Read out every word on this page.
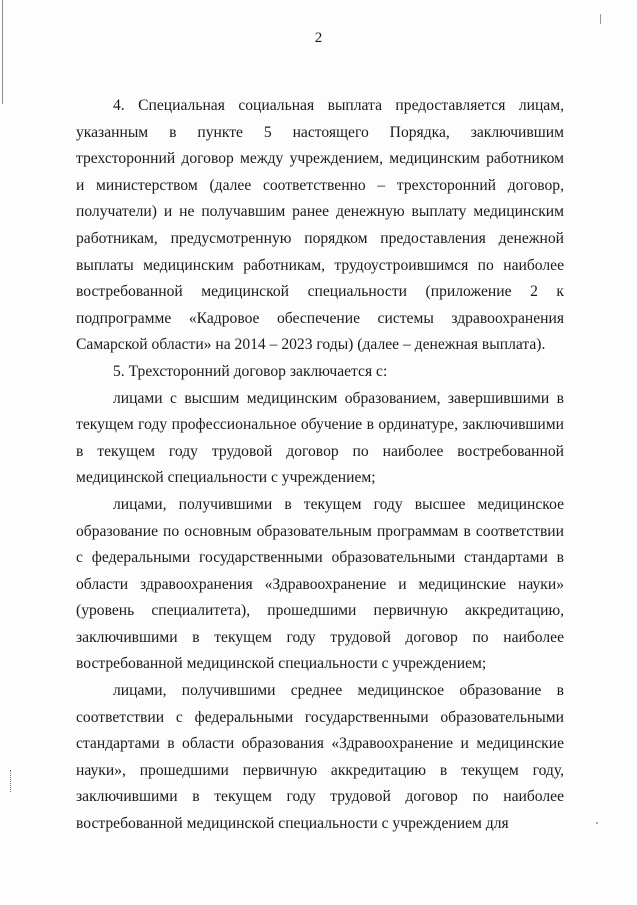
2

4. Специальная социальная выплата предоставляется лицам, указанным в пункте 5 настоящего Порядка, заключившим трехсторонний договор между учреждением, медицинским работником и министерством (далее соответственно – трехсторонний договор, получатели) и не получавшим ранее денежную выплату медицинским работникам, предусмотренную порядком предоставления денежной выплаты медицинским работникам, трудоустроившимся по наиболее востребованной медицинской специальности (приложение 2 к подпрограмме «Кадровое обеспечение системы здравоохранения Самарской области» на 2014 – 2023 годы) (далее – денежная выплата).

5. Трехсторонний договор заключается с:

лицами с высшим медицинским образованием, завершившими в текущем году профессиональное обучение в ординатуре, заключившими в текущем году трудовой договор по наиболее востребованной медицинской специальности с учреждением;

лицами, получившими в текущем году высшее медицинское образование по основным образовательным программам в соответствии с федеральными государственными образовательными стандартами в области здравоохранения «Здравоохранение и медицинские науки» (уровень специалитета), прошедшими первичную аккредитацию, заключившими в текущем году трудовой договор по наиболее востребованной медицинской специальности с учреждением;

лицами, получившими среднее медицинское образование в соответствии с федеральными государственными образовательными стандартами в области образования «Здравоохранение и медицинские науки», прошедшими первичную аккредитацию в текущем году, заключившими в текущем году трудовой договор по наиболее востребованной медицинской специальности с учреждением для
